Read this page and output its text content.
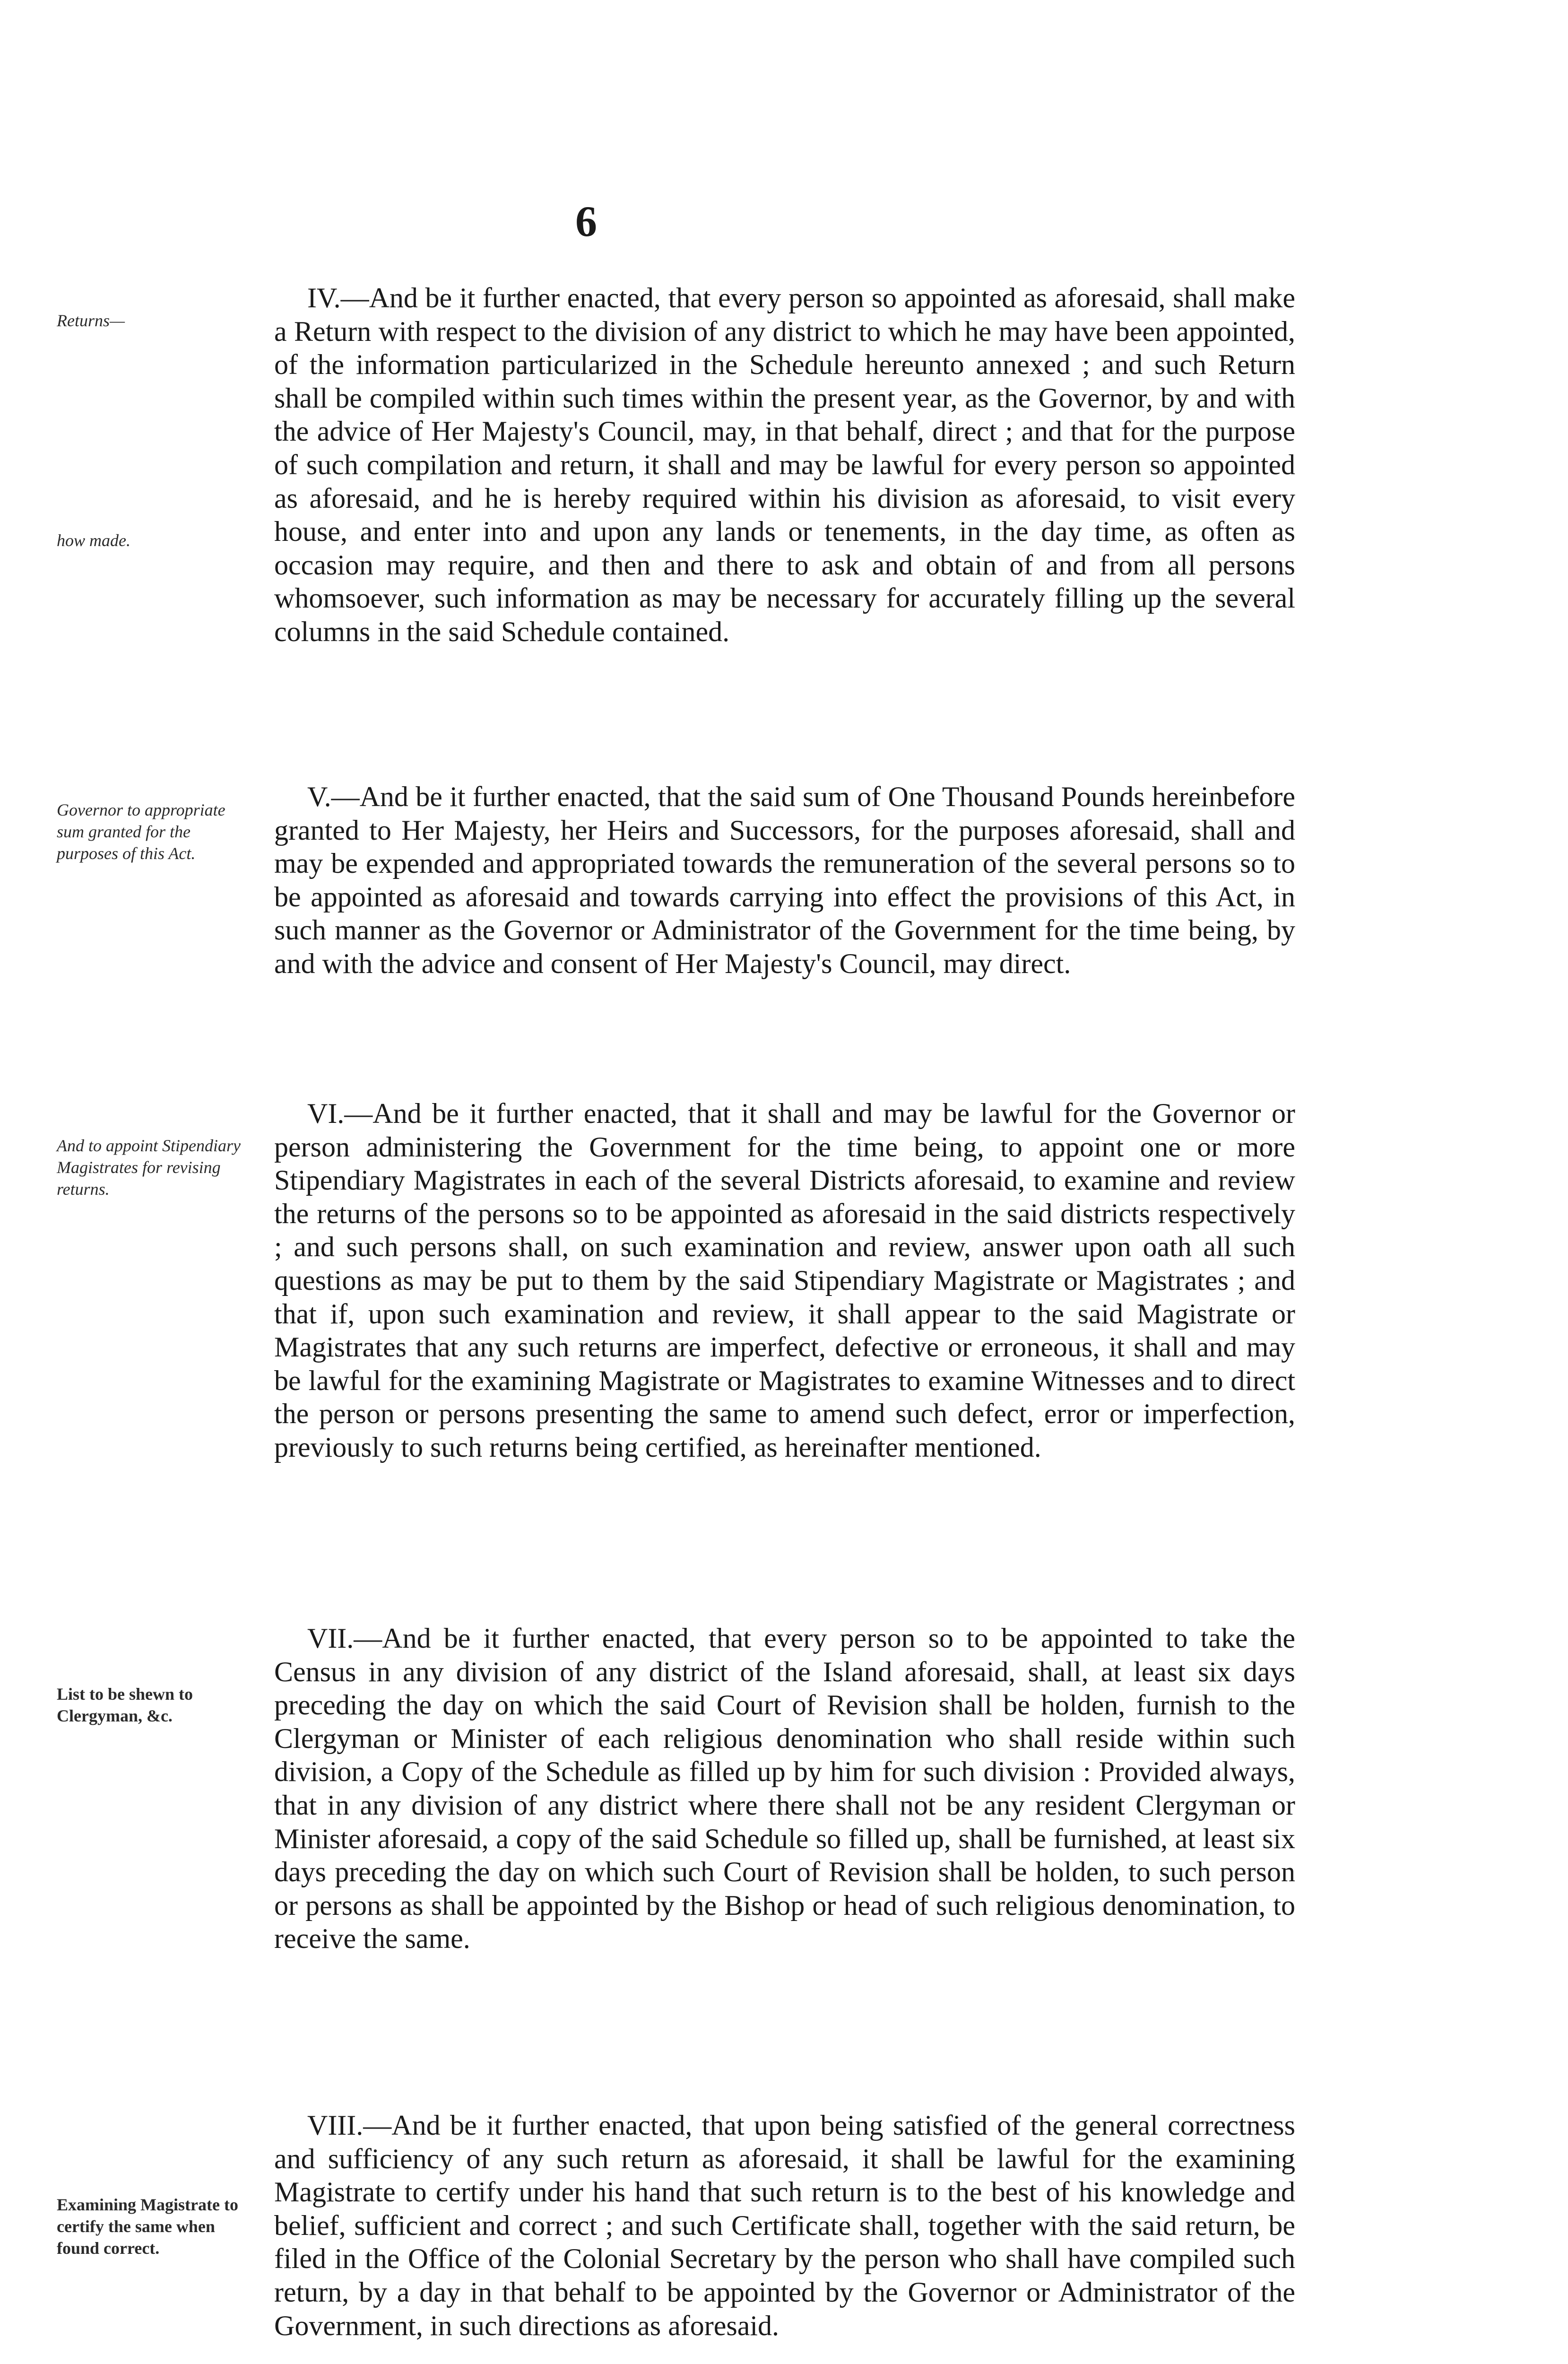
6
Returns—
how made.
Governor to appropriate sum granted for the purposes of this Act.
And to appoint Stipendiary Magistrates for revising returns.
List to be shewn to Clergyman, &c.
Examining Magistrate to certify the same when found correct.

IV.—And be it further enacted, that every person so appointed as aforesaid, shall make a Return with respect to the division of any district to which he may have been appointed, of the information particularized in the Schedule hereunto annexed ; and such Return shall be compiled within such times within the present year, as the Governor, by and with the advice of Her Majesty's Council, may, in that behalf, direct ; and that for the purpose of such compilation and return, it shall and may be lawful for every person so appointed as aforesaid, and he is hereby required within his division as aforesaid, to visit every house, and enter into and upon any lands or tenements, in the day time, as often as occasion may require, and then and there to ask and obtain of and from all persons whomsoever, such information as may be necessary for accurately filling up the several columns in the said Schedule contained.

V.—And be it further enacted, that the said sum of One Thousand Pounds hereinbefore granted to Her Majesty, her Heirs and Successors, for the purposes aforesaid, shall and may be expended and appropriated towards the remuneration of the several persons so to be appointed as aforesaid and towards carrying into effect the provisions of this Act, in such manner as the Governor or Administrator of the Government for the time being, by and with the advice and consent of Her Majesty's Council, may direct.

VI.—And be it further enacted, that it shall and may be lawful for the Governor or person administering the Government for the time being, to appoint one or more Stipendiary Magistrates in each of the several Districts aforesaid, to examine and review the returns of the persons so to be appointed as aforesaid in the said districts respectively ; and such persons shall, on such examination and review, answer upon oath all such questions as may be put to them by the said Stipendiary Magistrate or Magistrates ; and that if, upon such examination and review, it shall appear to the said Magistrate or Magistrates that any such returns are imperfect, defective or erroneous, it shall and may be lawful for the examining Magistrate or Magistrates to examine Witnesses and to direct the person or persons presenting the same to amend such defect, error or imperfection, previously to such returns being certified, as hereinafter mentioned.

VII.—And be it further enacted, that every person so to be appointed to take the Census in any division of any district of the Island aforesaid, shall, at least six days preceding the day on which the said Court of Revision shall be holden, furnish to the Clergyman or Minister of each religious denomination who shall reside within such division, a Copy of the Schedule as filled up by him for such division : Provided always, that in any division of any district where there shall not be any resident Clergyman or Minister aforesaid, a copy of the said Schedule so filled up, shall be furnished, at least six days preceding the day on which such Court of Revision shall be holden, to such person or persons as shall be appointed by the Bishop or head of such religious denomination, to receive the same.

VIII.—And be it further enacted, that upon being satisfied of the general correctness and sufficiency of any such return as aforesaid, it shall be lawful for the examining Magistrate to certify under his hand that such return is to the best of his knowledge and belief, sufficient and correct ; and such Certificate shall, together with the said return, be filed in the Office of the Colonial Secretary by the person who shall have compiled such return, by a day in that behalf to be appointed by the Governor or Administrator of the Government, in such directions as aforesaid.
